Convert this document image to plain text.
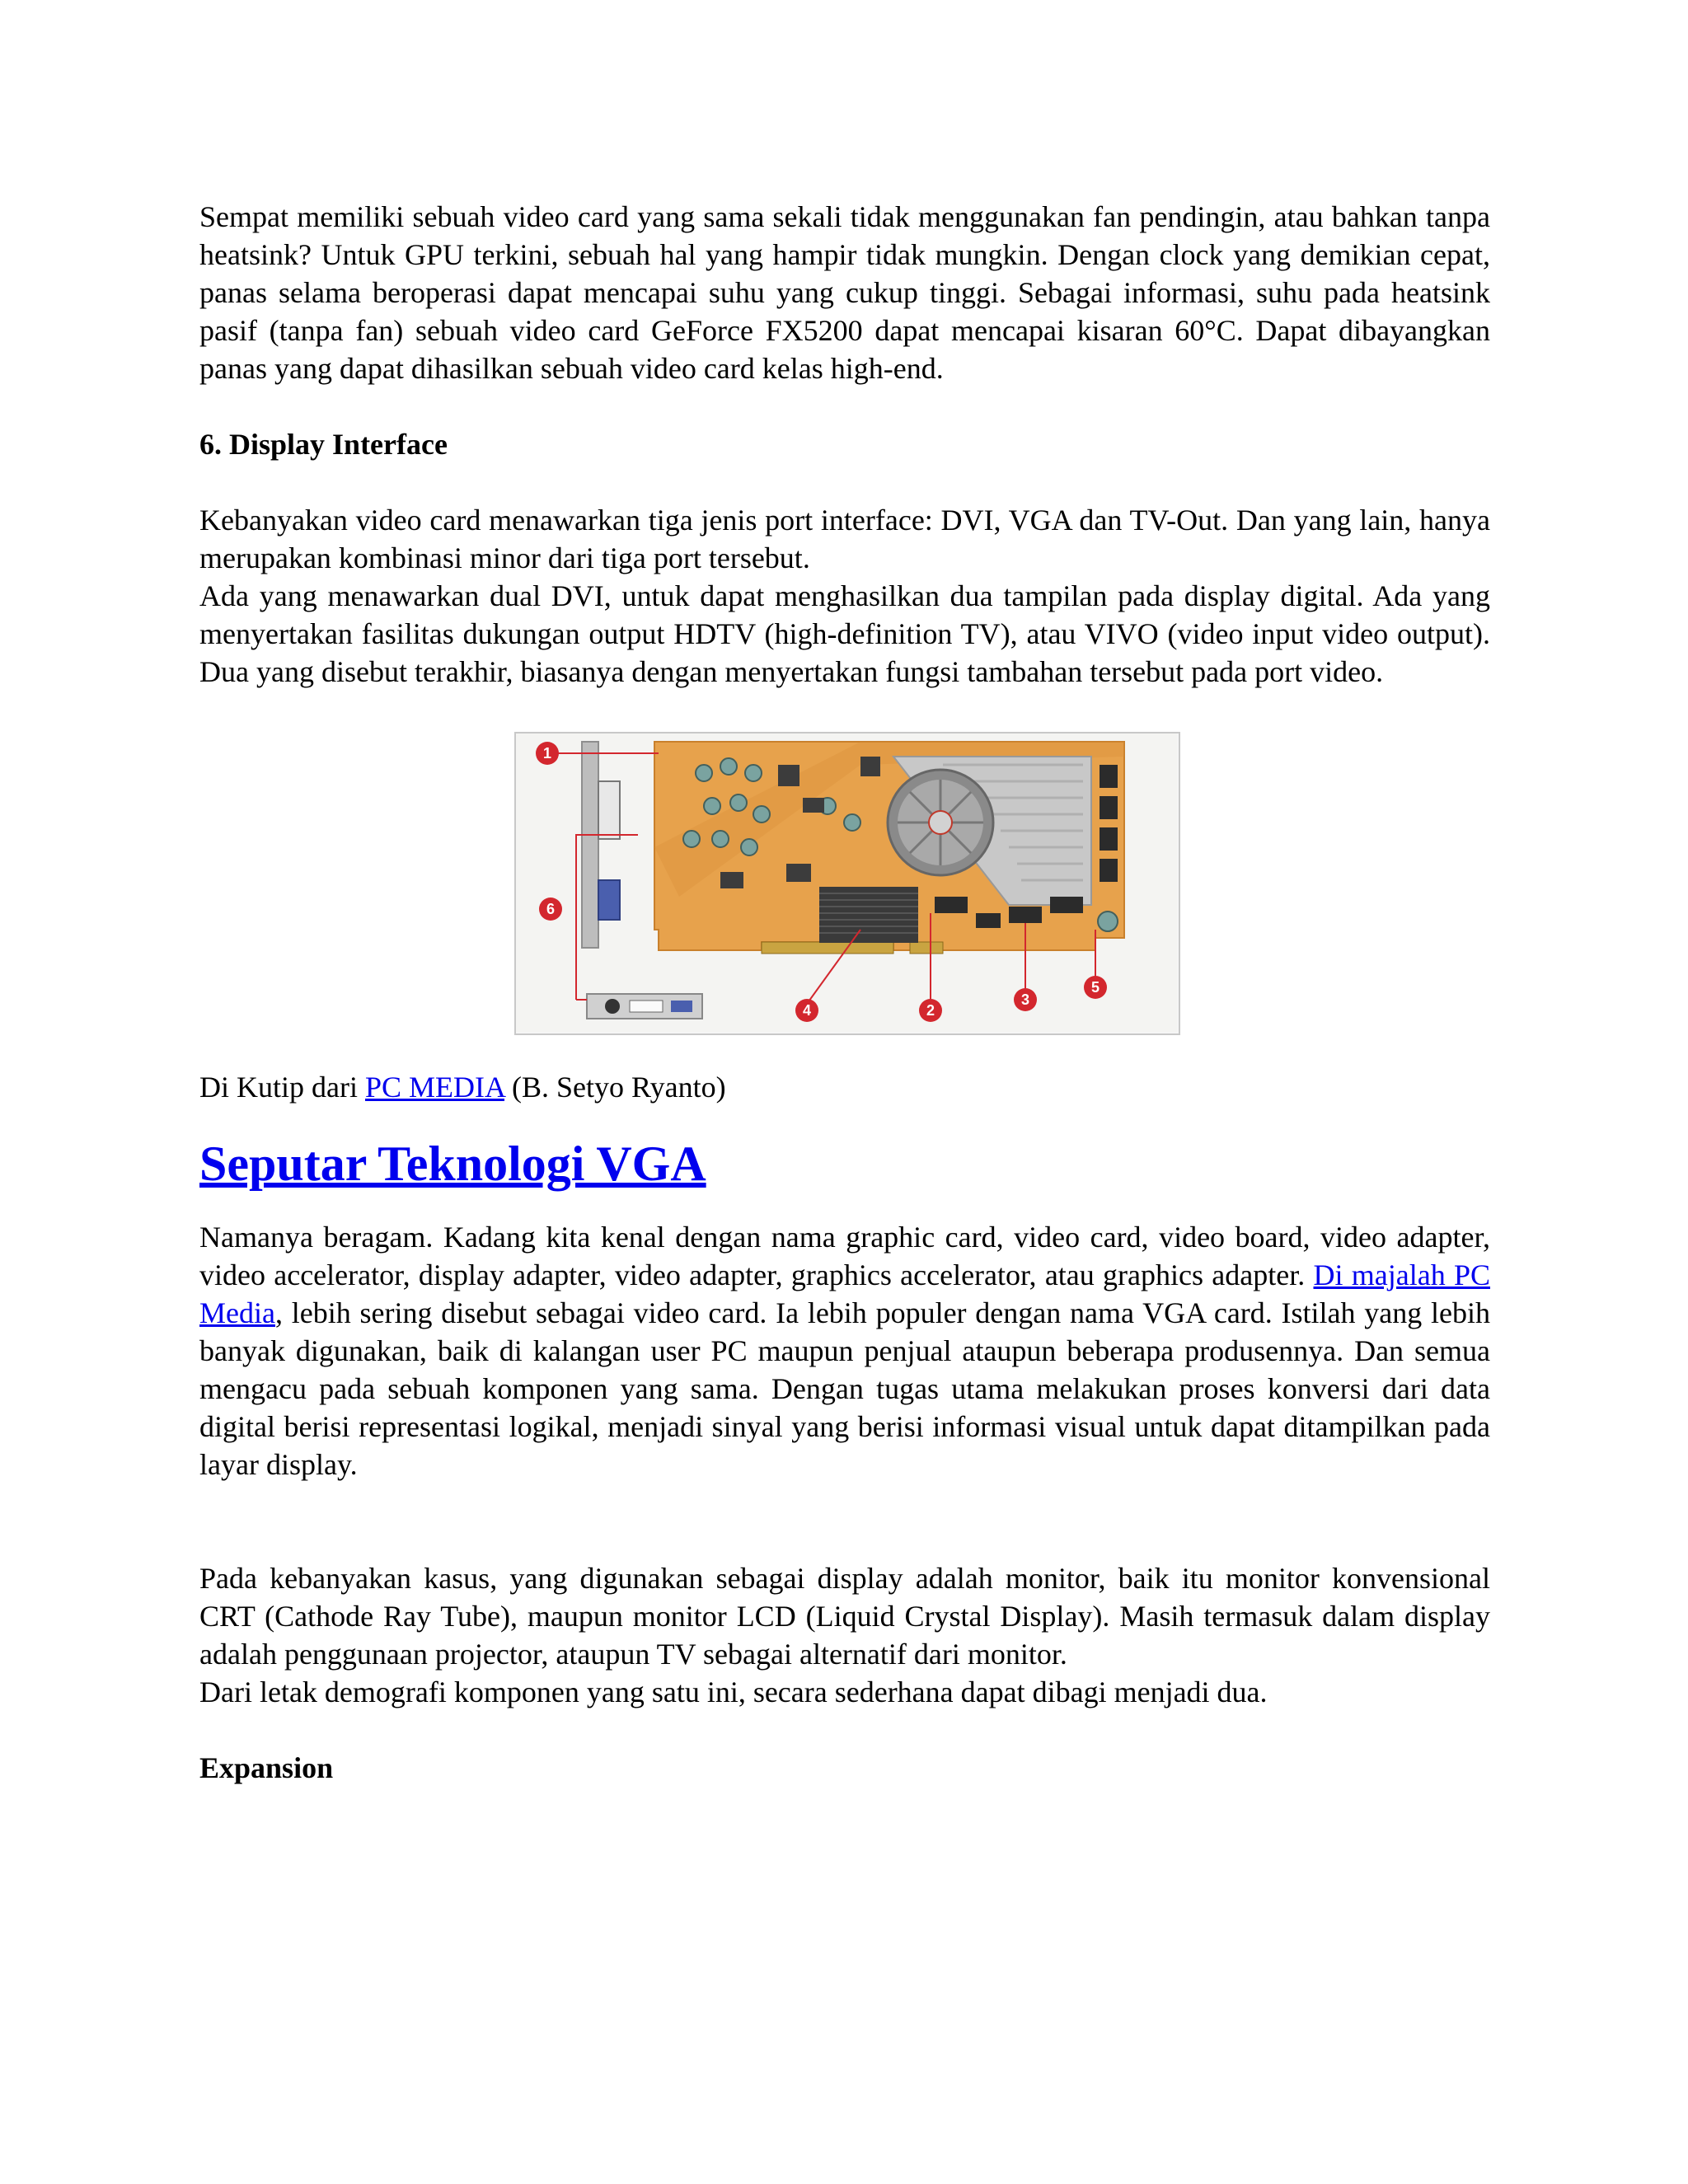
Sempat memiliki sebuah video card yang sama sekali tidak menggunakan fan pendingin, atau bahkan tanpa heatsink? Untuk GPU terkini, sebuah hal yang hampir tidak mungkin. Dengan clock yang demikian cepat, panas selama beroperasi dapat mencapai suhu yang cukup tinggi. Sebagai informasi, suhu pada heatsink pasif (tanpa fan) sebuah video card GeForce FX5200 dapat mencapai kisaran 60°C. Dapat dibayangkan panas yang dapat dihasilkan sebuah video card kelas high-end.

6. Display Interface

Kebanyakan video card menawarkan tiga jenis port interface: DVI, VGA dan TV-Out. Dan yang lain, hanya merupakan kombinasi minor dari tiga port tersebut.

Ada yang menawarkan dual DVI, untuk dapat menghasilkan dua tampilan pada display digital. Ada yang menyertakan fasilitas dukungan output HDTV (high-definition TV), atau VIVO (video input video output). Dua yang disebut terakhir, biasanya dengan menyertakan fungsi tambahan tersebut pada port video.

1
6
4	2
3
5

Di Kutip dari PC MEDIA (B. Setyo Ryanto)

Seputar Teknologi VGA

Namanya beragam. Kadang kita kenal dengan nama graphic card, video card, video board, video adapter, video accelerator, display adapter, video adapter, graphics accelerator, atau graphics adapter. Di majalah PC Media, lebih sering disebut sebagai video card. Ia lebih populer dengan nama VGA card. Istilah yang lebih banyak digunakan, baik di kalangan user PC maupun penjual ataupun beberapa produsennya. Dan semua mengacu pada sebuah komponen yang sama. Dengan tugas utama melakukan proses konversi dari data digital berisi representasi logikal, menjadi sinyal yang berisi informasi visual untuk dapat ditampilkan pada layar display.

Pada kebanyakan kasus, yang digunakan sebagai display adalah monitor, baik itu monitor konvensional CRT (Cathode Ray Tube), maupun monitor LCD (Liquid Crystal Display). Masih termasuk dalam display adalah penggunaan projector, ataupun TV sebagai alternatif dari monitor.

Dari letak demografi komponen yang satu ini, secara sederhana dapat dibagi menjadi dua.

Expansion
